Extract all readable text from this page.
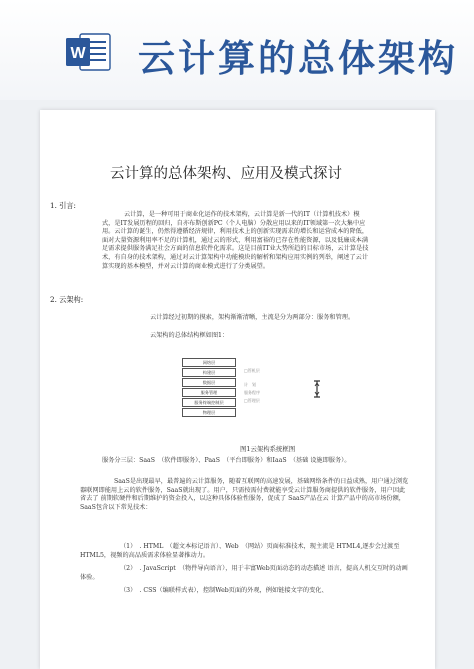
W 云计算的总体架构
云计算的总体架构、应用及模式探讨
1. 引言:
云计算，是一种可用于商业化运作的技术架构，云计算是新一代的IT（计算机技术）模式，是IT发展历程的回归，自亦布斯创新PC（个人电脑）分散应用以来的IT领域第一次大集中应用。云计算的诞生，仍然得遵循经济规律，利用技术上的创新实现需求的增长和运营成本的降低，面对大量资源利用率不足的计算机，通过云的形式，利用富裕的已存在性能资源，以及低廉成本满足需求提供服务满足社会方面的信息软件化需求。这是目前IT业大势所趋的目标市场，云计算是技术，有自身的技术架构，通过对云计算架构中功能模块的解析和架构应用实例的列举，阐述了云计算实现的基本模型，并对云计算的商业模式进行了分类展望。
2. 云架构:
云计算经过初期的摸索，架构渐渐清晰，主流是分为两部分：服务和管理。
云架构的总体结构框如图1：
网络层
构建层
数据层
服务管理
服务终端控制层
物理层
□管机层
计　划
服务程序
□管理层
图1云架构系统框图
服务分三层：SaaS　（软件即服务）、PaaS　（平台即服务）和IaaS　（基础 设施即服务）。
SaaS是出现最早，最普遍的云计算服务，随着互联网的高速发展，基础网络条件的日益成熟，用户通过浏览器联网即能用上云的软件服务，SaaS就出现了。用户，只需按需付费就能享受云计算服务商提供的软件服务，用户因此省去了 前期软硬件和后期维护的资金投入，以这种具体体验性服务，促成了 SaaS产品在云 计算产品中的高市场份额，SaaS包含以下常见技术：
（1）　. HTML　（超文本标记语言）、Web　（网站）页面标准技术，现主流是 HTML4,逐步会过渡至HTML5，视频的高品质需求体验显著推动力。
（2）　. JavaScript　（物件导向语言），用于丰富Web页面动态的动态描述 语言，提高人机交互时的动画体验。
（3）　. CSS（编联样式表），控制Web页面的外观，例如链接文字的变化、
